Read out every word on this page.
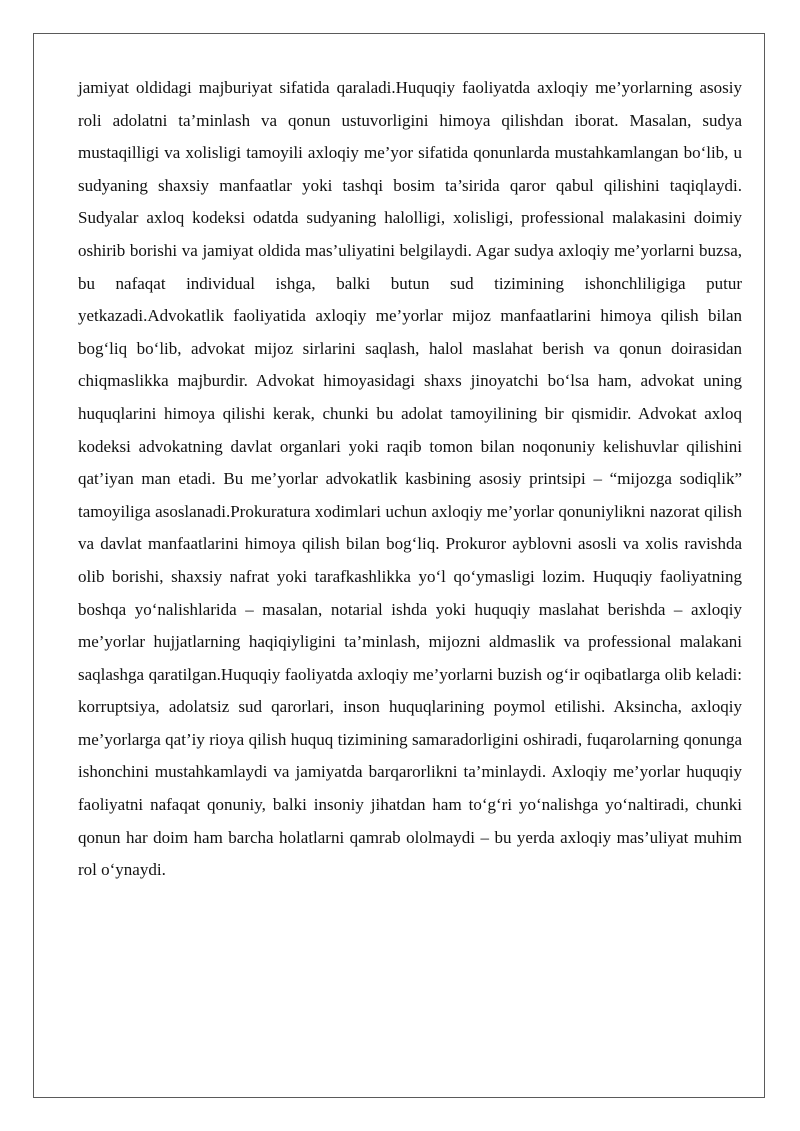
jamiyat oldidagi majburiyat sifatida qaraladi.Huquqiy faoliyatda axloqiy me’yorlarning asosiy roli adolatni ta’minlash va qonun ustuvorligini himoya qilishdan iborat. Masalan, sudya mustaqilligi va xolisligi tamoyili axloqiy me’yor sifatida qonunlarda mustahkamlangan bo‘lib, u sudyaning shaxsiy manfaatlar yoki tashqi bosim ta’sirida qaror qabul qilishini taqiqlaydi. Sudyalar axloq kodeksi odatda sudyaning halolligi, xolisligi, professional malakasini doimiy oshirib borishi va jamiyat oldida mas’uliyatini belgilaydi. Agar sudya axloqiy me’yorlarni buzsa, bu nafaqat individual ishga, balki butun sud tizimining ishonchliligiga putur yetkazadi.Advokatlik faoliyatida axloqiy me’yorlar mijoz manfaatlarini himoya qilish bilan bog‘liq bo‘lib, advokat mijoz sirlarini saqlash, halol maslahat berish va qonun doirasidan chiqmaslikka majburdir. Advokat himoyasidagi shaxs jinoyatchi bo‘lsa ham, advokat uning huquqlarini himoya qilishi kerak, chunki bu adolat tamoyilining bir qismidir. Advokat axloq kodeksi advokatning davlat organlari yoki raqib tomon bilan noqonuniy kelishuvlar qilishini qat’iyan man etadi. Bu me’yorlar advokatlik kasbining asosiy printsipi – “mijozga sodiqlik” tamoyiliga asoslanadi.Prokuratura xodimlari uchun axloqiy me’yorlar qonuniylikni nazorat qilish va davlat manfaatlarini himoya qilish bilan bog‘liq. Prokuror ayblovni asosli va xolis ravishda olib borishi, shaxsiy nafrat yoki tarafkashlikka yo‘l qo‘ymasligi lozim. Huquqiy faoliyatning boshqa yo‘nalishlarida – masalan, notarial ishda yoki huquqiy maslahat berishda – axloqiy me’yorlar hujjatlarning haqiqiyligini ta’minlash, mijozni aldmaslik va professional malakani saqlashga qaratilgan.Huquqiy faoliyatda axloqiy me’yorlarni buzish og‘ir oqibatlarga olib keladi: korruptsiya, adolatsiz sud qarorlari, inson huquqlarining poymol etilishi. Aksincha, axloqiy me’yorlarga qat’iy rioya qilish huquq tizimining samaradorligini oshiradi, fuqarolarning qonunga ishonchini mustahkamlaydi va jamiyatda barqarorlikni ta’minlaydi. Axloqiy me’yorlar huquqiy faoliyatni nafaqat qonuniy, balki insoniy jihatdan ham to‘g‘ri yo‘nalishga yo‘naltiradi, chunki qonun har doim ham barcha holatlarni qamrab ololmaydi – bu yerda axloqiy mas’uliyat muhim rol o‘ynaydi.
